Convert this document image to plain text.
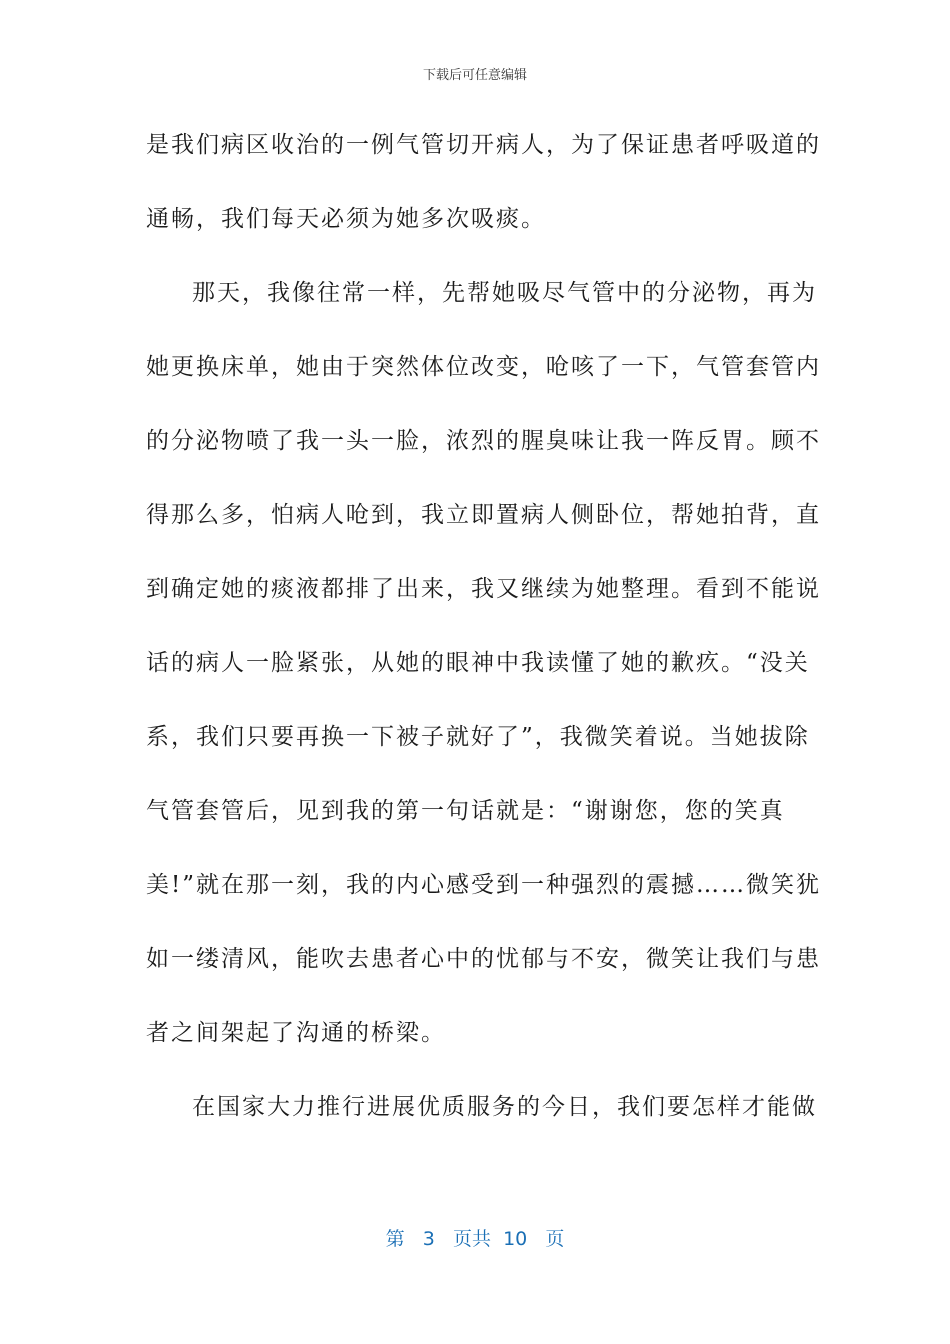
下载后可任意编辑
是我们病区收治的一例气管切开病人，为了保证患者呼吸道的
通畅，我们每天必须为她多次吸痰。
那天，我像往常一样，先帮她吸尽气管中的分泌物，再为
她更换床单，她由于突然体位改变，呛咳了一下，气管套管内
的分泌物喷了我一头一脸，浓烈的腥臭味让我一阵反胃。顾不
得那么多，怕病人呛到，我立即置病人侧卧位，帮她拍背，直
到确定她的痰液都排了出来，我又继续为她整理。看到不能说
话的病人一脸紧张，从她的眼神中我读懂了她的歉疚。“没关
系，我们只要再换一下被子就好了”，我微笑着说。当她拔除
气管套管后，见到我的第一句话就是：“谢谢您，您的笑真
美!”就在那一刻，我的内心感受到一种强烈的震撼……微笑犹
如一缕清风，能吹去患者心中的忧郁与不安，微笑让我们与患
者之间架起了沟通的桥梁。
在国家大力推行进展优质服务的今日，我们要怎样才能做
第 3 页共 10 页
